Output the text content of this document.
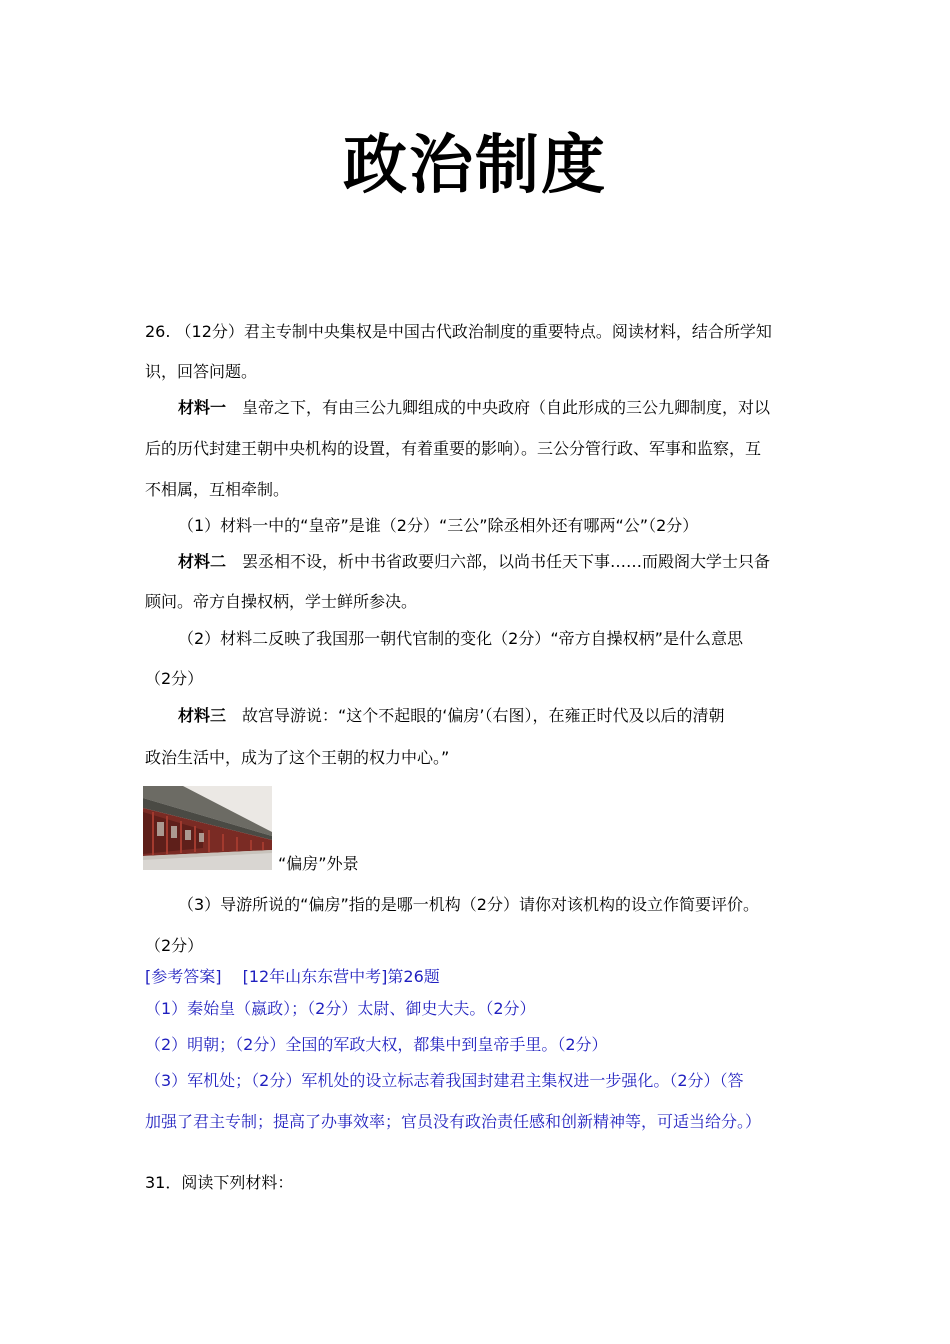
政治制度
26. （12分）君主专制中央集权是中国古代政治制度的重要特点。阅读材料，结合所学知
识，回答问题。
材料一　皇帝之下，有由三公九卿组成的中央政府（自此形成的三公九卿制度，对以
后的历代封建王朝中央机构的设置，有着重要的影响）。三公分管行政、军事和监察，互
不相属，互相牵制。
（1）材料一中的“皇帝”是谁（2分）“三公”除丞相外还有哪两“公”（2分）
材料二　罢丞相不设，析中书省政要归六部，以尚书任天下事……而殿阁大学士只备
顾问。帝方自操权柄，学士鲜所参决。
（2）材料二反映了我国那一朝代官制的变化（2分）“帝方自操权柄”是什么意思
（2分）
材料三　故宫导游说：“这个不起眼的‘偏房’（右图），在雍正时代及以后的清朝
政治生活中，成为了这个王朝的权力中心。”
“偏房”外景
（3）导游所说的“偏房”指的是哪一机构（2分）请你对该机构的设立作简要评价。
（2分）
[参考答案]　 [12年山东东营中考]第26题
（1）秦始皇（嬴政）；（2分）太尉、御史大夫。（2分）
（2）明朝；（2分）全国的军政大权，都集中到皇帝手里。（2分）
（3）军机处；（2分）军机处的设立标志着我国封建君主集权进一步强化。（2分）（答
加强了君主专制；提高了办事效率；官员没有政治责任感和创新精神等，可适当给分。）
31．阅读下列材料：
